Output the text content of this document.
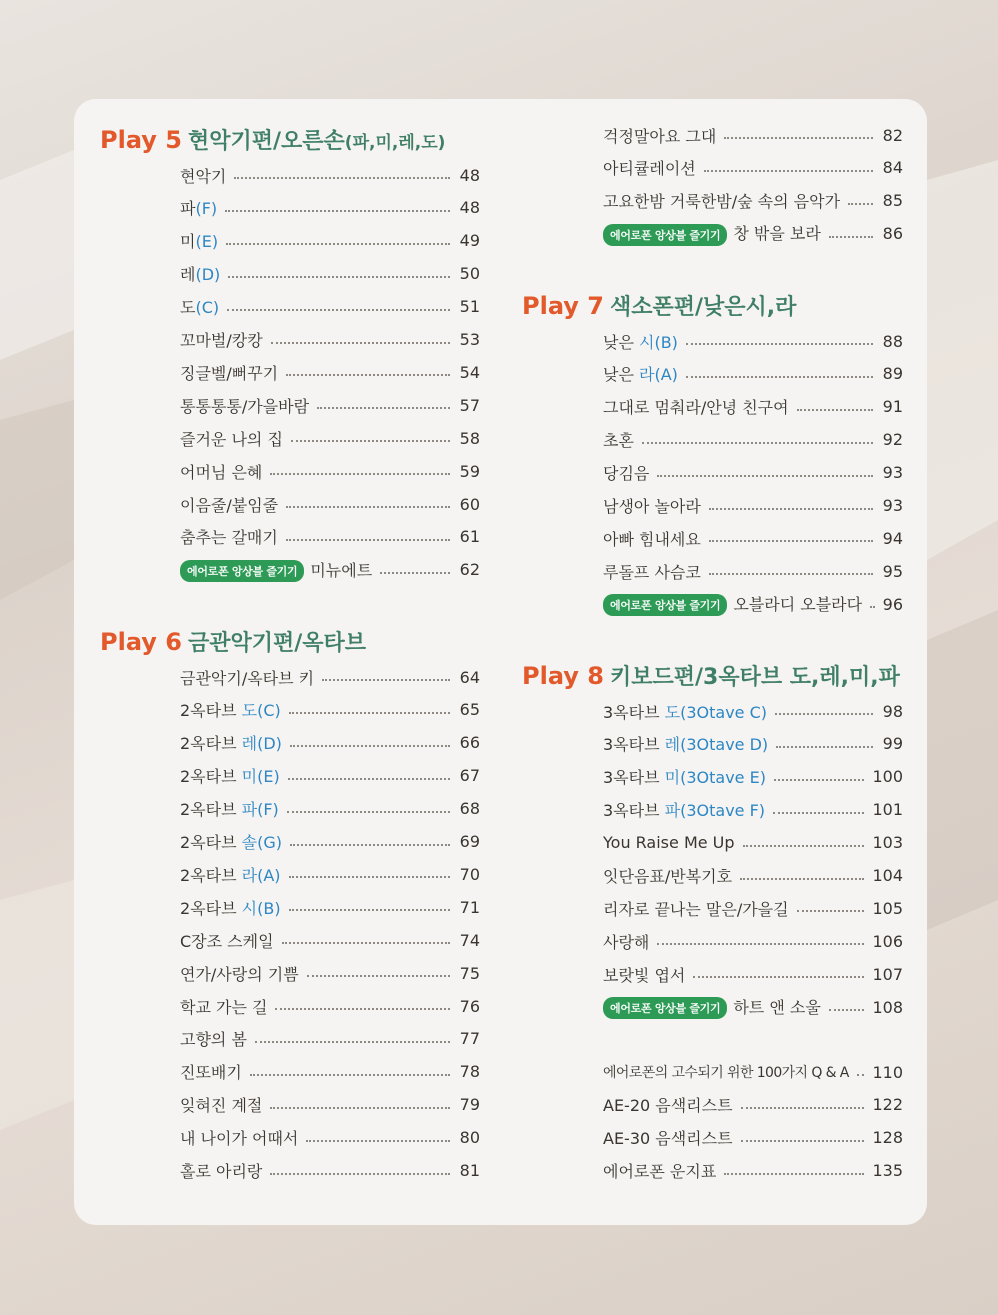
Play 5 현악기편/오른손 (파,미,레,도)
현악기	48
파(F)	48
미(E)	49
레(D)	50
도(C)	51
꼬마벌/캉캉	53
징글벨/뻐꾸기	54
통통통통/가을바람	57
즐거운 나의 집	58
어머님 은혜	59
이음줄/붙임줄	60
춤추는 갈매기	61
에어로폰 앙상블 즐기기 미뉴에트	62
Play 6 금관악기편/옥타브
금관악기/옥타브 키	64
2옥타브 도(C)	65
2옥타브 레(D)	66
2옥타브 미(E)	67
2옥타브 파(F)	68
2옥타브 솔(G)	69
2옥타브 라(A)	70
2옥타브 시(B)	71
C장조 스케일	74
연가/사랑의 기쁨	75
학교 가는 길	76
고향의 봄	77
진또배기	78
잊혀진 계절	79
내 나이가 어때서	80
홀로 아리랑	81
걱정말아요 그대	82
아티큘레이션	84
고요한밤 거룩한밤/숲 속의 음악가	85
에어로폰 앙상블 즐기기 창 밖을 보라	86
Play 7 색소폰편/낮은시,라
낮은 시(B)	88
낮은 라(A)	89
그대로 멈춰라/안녕 친구여	91
초혼	92
당김음	93
남생아 놀아라	93
아빠 힘내세요	94
루돌프 사슴코	95
에어로폰 앙상블 즐기기 오블라디 오블라다 96
Play 8 키보드편/3옥타브 도,레,미,파
3옥타브 도(3Otave C)	98
3옥타브 레(3Otave D)	99
3옥타브 미(3Otave E)	100
3옥타브 파(3Otave F)	101
You Raise Me Up	103
잇단음표/반복기호	104
리자로 끝나는 말은/가을길	105
사랑해	106
보랏빛 엽서	107
에어로폰 앙상블 즐기기 하트 앤 소울	108
에어로폰의 고수되기 위한 100가지 Q & A 110
AE-20 음색리스트	122
AE-30 음색리스트	128
에어로폰 운지표	135
